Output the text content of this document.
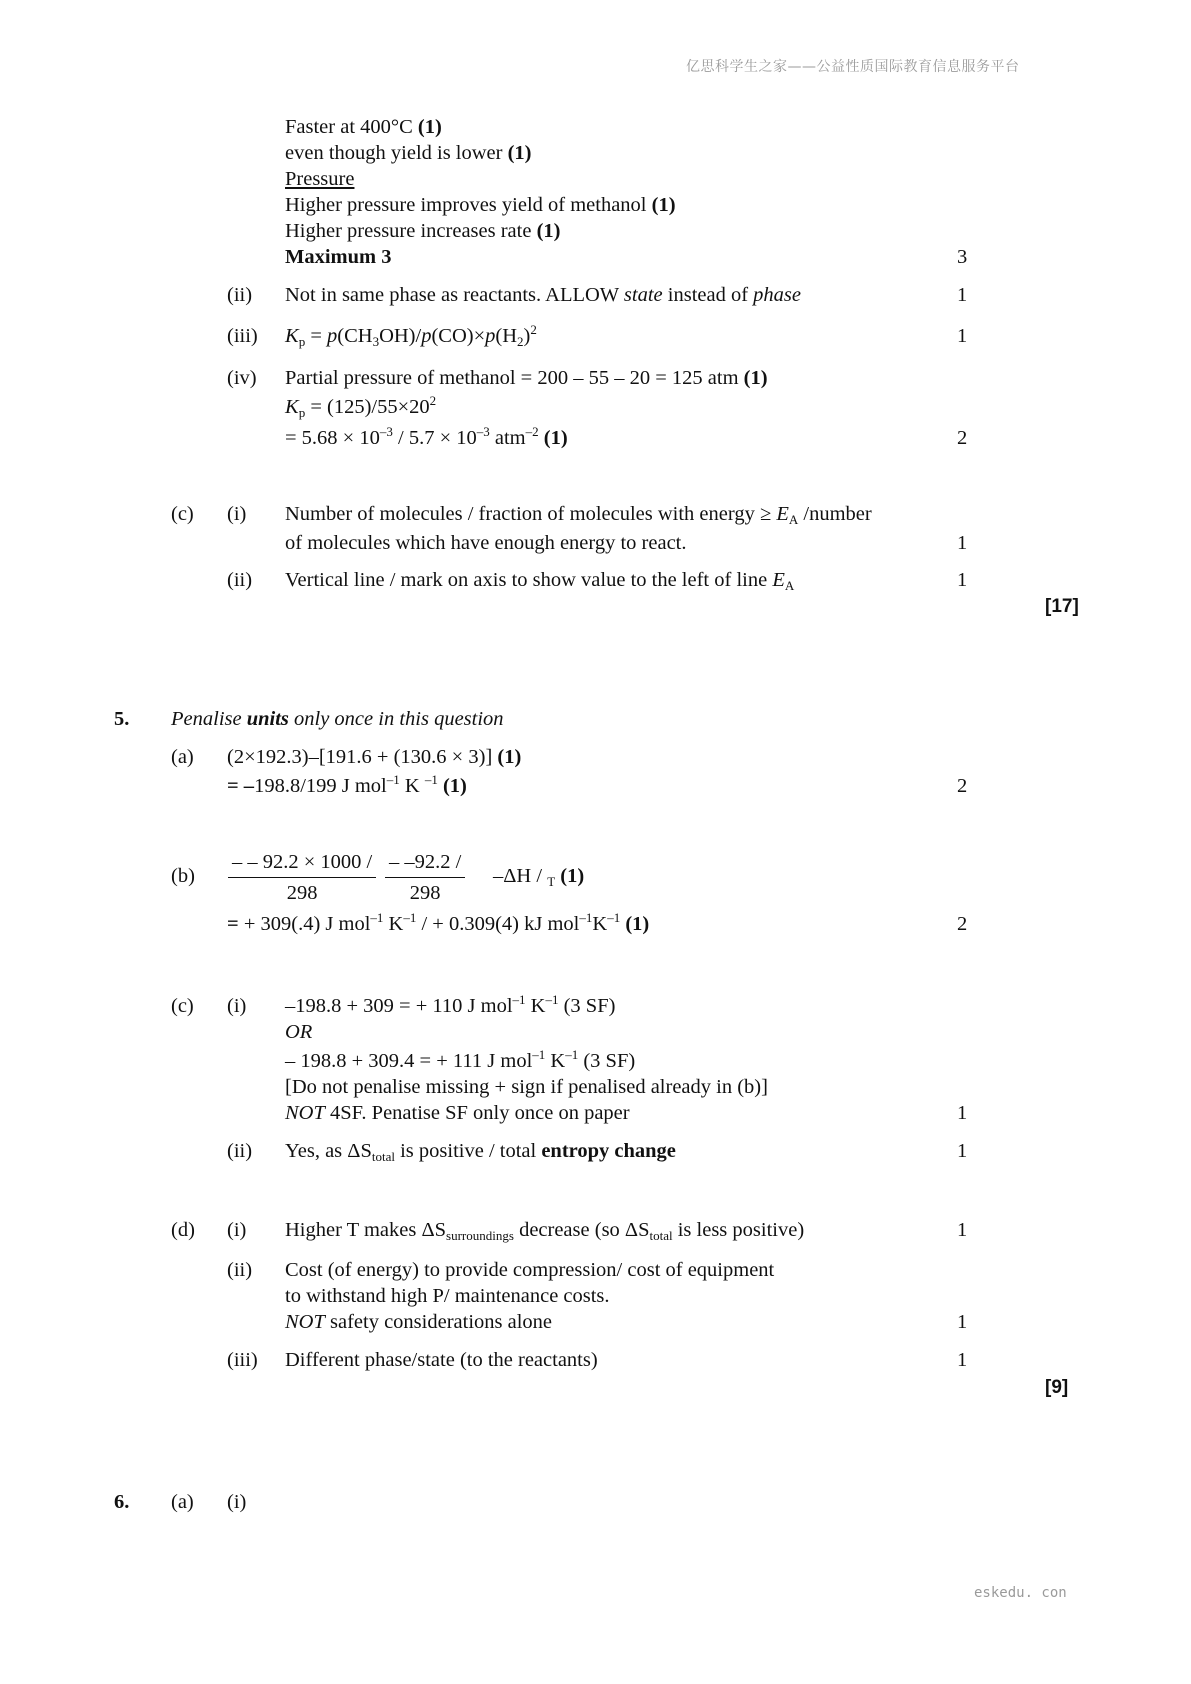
亿思科学生之家——公益性质国际教育信息服务平台
eskedu. con
Faster at 400°C (1)
even though yield is lower (1)
Pressure
Higher pressure improves yield of methanol (1)
Higher pressure increases rate (1)
Maximum 3	3
(ii) Not in same phase as reactants. ALLOW state instead of phase	1
(iii) $K_p = p(CH_3OH)/p(CO)\times p(H_2)^2$	1
(iv) Partial pressure of methanol = 200 – 55 – 20 = 125 atm (1)
$K_p = (125)/55\times 20^2$
= $5.68 \times 10^{-3} / 5.7 \times 10^{-3}$ atm$^{-2}$ (1)	2
(c) (i) Number of molecules / fraction of molecules with energy ≥ $E_A$ /number
of molecules which have enough energy to react.	1
(ii) Vertical line / mark on axis to show value to the left of line $E_A$	1
[17]
5. Penalise units only once in this question
(a) (2×192.3)–[191.6 + (130.6 × 3)] (1)
= –198.8/199 J mol$^{-1}$ K $^{-1}$ (1)	2
$(b) \frac{- - 92.2 \times 1000 /}{298} \frac{- -92.2 /}{298} -\Delta H / _T$ (1)
= + 309(.4) J mol$^{-1}$ $K^{-1}$ / + 0.309(4) kJ $mol^{-1}K^{-1}$ (1)	2
(c) (i) –198.8 + 309 = + 110 J mol$^{-1}$ $K^{-1}$ (3 SF)
OR
– 198.8 + 309.4 = + 111 J mol$^{-1}$ $K^{-1}$ (3 SF)
[Do not penalise missing + sign if penalised already in (b)]
NOT 4SF. Penatise SF only once on paper	1
(ii) Yes, as $\Delta S_{total}$ is positive / total entropy change	1
(d) (i) Higher T makes $\Delta S_{surroundings}$ decrease (so $\Delta S_{total}$ is less positive)	1
(ii) Cost (of energy) to provide compression/ cost of equipment
to withstand high P/ maintenance costs.
NOT safety considerations alone	1
(iii) Different phase/state (to the reactants)	1
[9]
6. (a) (i)
